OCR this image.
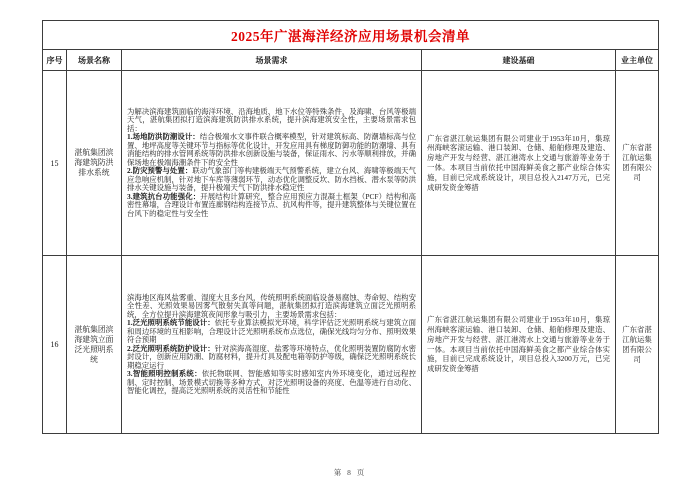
2025年广湛海洋经济应用场景机会清单				
序号	场景名称	场景需求	建设基础	业主单位
15	湛航集团滨海建筑防洪排水系统	为解决滨海建筑面临的海洋环境、沿海地质、地下水位等特殊条件，及海啸、台风等极端天气，湛航集团拟打造滨海建筑防洪排水系统，提升滨海建筑安全性，主要场景需求包括：

1.场地防洪防潮设计：结合极端水文事件联合概率模型，针对建筑标高、防潮墙标高与位置、地坪高度等关键环节与指标等优化设计，开发应用具有梯度防御功能的防潮墙、具有消能结构的排水管网系统等防洪排水创新设施与装备，保证雨水、污水等顺利排放，并确保场地在极端海潮条件下的安全性

2.防灾预警与处置：联动气象部门等构建极端天气预警系统，建立台风、海啸等极端天气应急响应机制，针对地下车库等薄弱环节，动态优化调整反坎、防水挡板、潜水泵等防洪排水关键设施与装备，提升极端天气下防洪排水稳定性

3.建筑抗台功能强化：开展结构计算研究，整合应用预应力混凝土框架（PCF）结构和高密性幕墙，合理设计布置连廊钢结构连接节点、抗风构件等，提升建筑整体与关键位置在台风下的稳定性与安全性	广东省湛江航运集团有限公司建业于1953年10月，集琼州海峡客滚运输、港口装卸、仓储、船舶修理及建造、房地产开发与经营、湛江港湾水上交通与旅游等业务于一体。本项目当前依托中国海鲜美食之都产业综合体实施，目前已完成系统设计，项目总投入2147万元，已完成研发资金筹措	广东省湛江航运集团有限公司
16	湛航集团滨海建筑立面泛光照明系统	滨海地区海风盐雾重、湿度大且多台风，传统照明系统面临设备易腐蚀、寿命短、结构安全性差、光照效果易因雾气散射失真等问题，湛航集团拟打造滨海建筑立面泛光照明系统，全方位提升滨海建筑夜间形象与吸引力，主要场景需求包括：

1.泛光照明系统节能设计：依托专业算法模拟光环境，科学评估泛光照明系统与建筑立面和周边环境的互相影响，合理设计泛光照明系统布点选位，确保光线均匀分布、照明效果符合预期

2.泛光照明系统防护设计：针对滨海高湿度、盐雾等环境特点，优化照明装置防腐防水密封设计，创新应用防潮、防腐材料，提升灯具及配电箱等防护等级，确保泛光照明系统长期稳定运行

3.智能照明控制系统：依托物联网、智能感知等实时感知室内外环境变化，通过远程控制、定时控制、场景模式切换等多种方式，对泛光照明设备的亮度、色温等进行自动化、智能化调控，提高泛光照明系统的灵活性和节能性	广东省湛江航运集团有限公司建业于1953年10月，集琼州海峡客滚运输、港口装卸、仓储、船舶修理及建造、房地产开发与经营、湛江港湾水上交通与旅游等业务于一体。本项目当前依托中国海鲜美食之都产业综合体实施，目前已完成系统设计，项目总投入3200万元，已完成研发资金筹措	广东省湛江航运集团有限公司
第 8 页
